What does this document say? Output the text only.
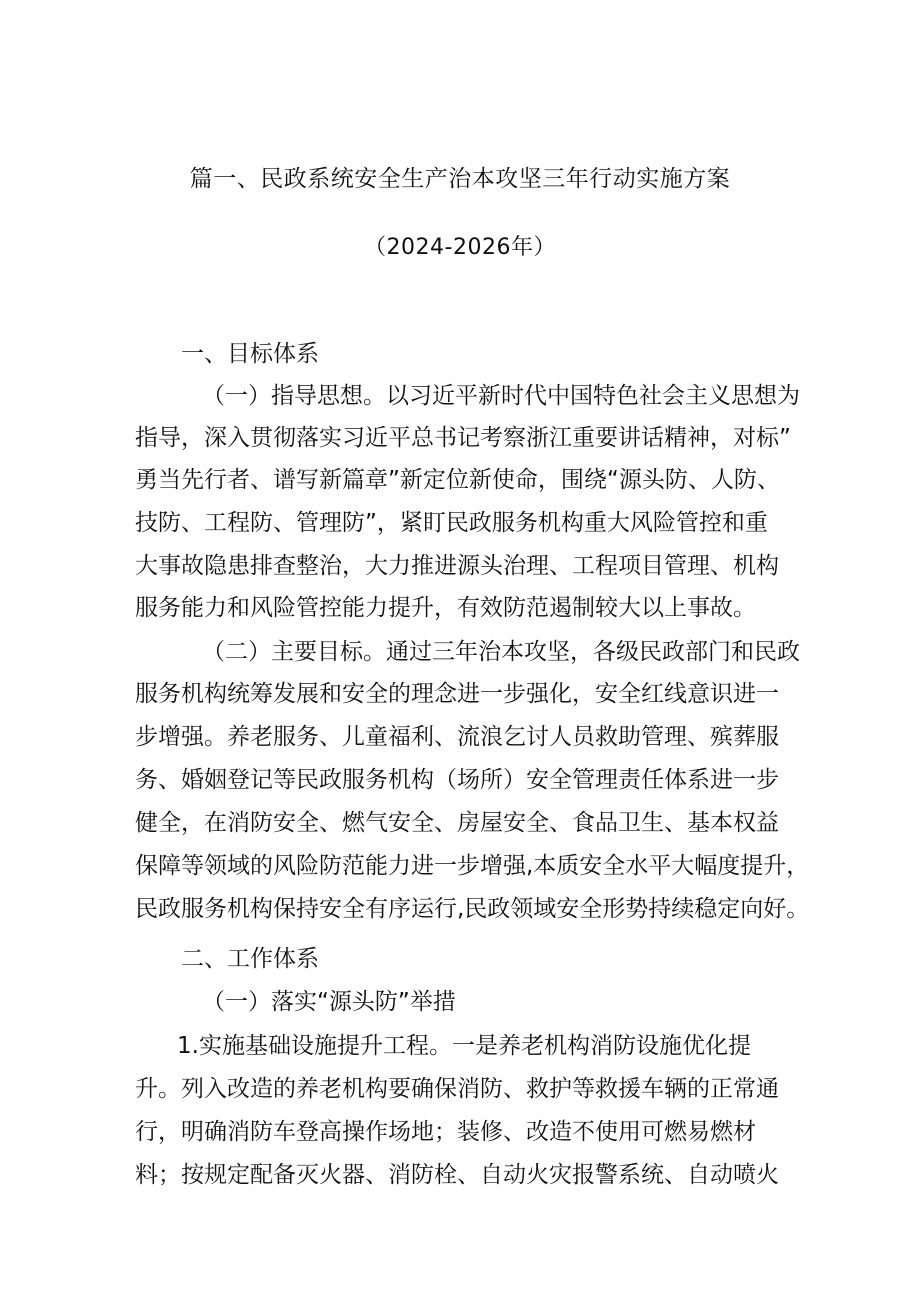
篇一、民政系统安全生产治本攻坚三年行动实施方案
（2024-2026年）
一、目标体系
（一）指导思想。以习近平新时代中国特色社会主义思想为
指导，深入贯彻落实习近平总书记考察浙江重要讲话精神，对标”
勇当先行者、谱写新篇章”新定位新使命，围绕“源头防、人防、
技防、工程防、管理防”，紧盯民政服务机构重大风险管控和重
大事故隐患排查整治，大力推进源头治理、工程项目管理、机构
服务能力和风险管控能力提升，有效防范遏制较大以上事故。
（二）主要目标。通过三年治本攻坚，各级民政部门和民政
服务机构统筹发展和安全的理念进一步强化，安全红线意识进一
步增强。养老服务、儿童福利、流浪乞讨人员救助管理、殡葬服
务、婚姻登记等民政服务机构（场所）安全管理责任体系进一步
健全，在消防安全、燃气安全、房屋安全、食品卫生、基本权益
保障等领域的风险防范能力进一步增强,本质安全水平大幅度提升，
民政服务机构保持安全有序运行,民政领域安全形势持续稳定向好。
二、工作体系
（一）落实“源头防”举措
1.实施基础设施提升工程。一是养老机构消防设施优化提
升。列入改造的养老机构要确保消防、救护等救援车辆的正常通
行，明确消防车登高操作场地；装修、改造不使用可燃易燃材
料；按规定配备灭火器、消防栓、自动火灾报警系统、自动喷火
